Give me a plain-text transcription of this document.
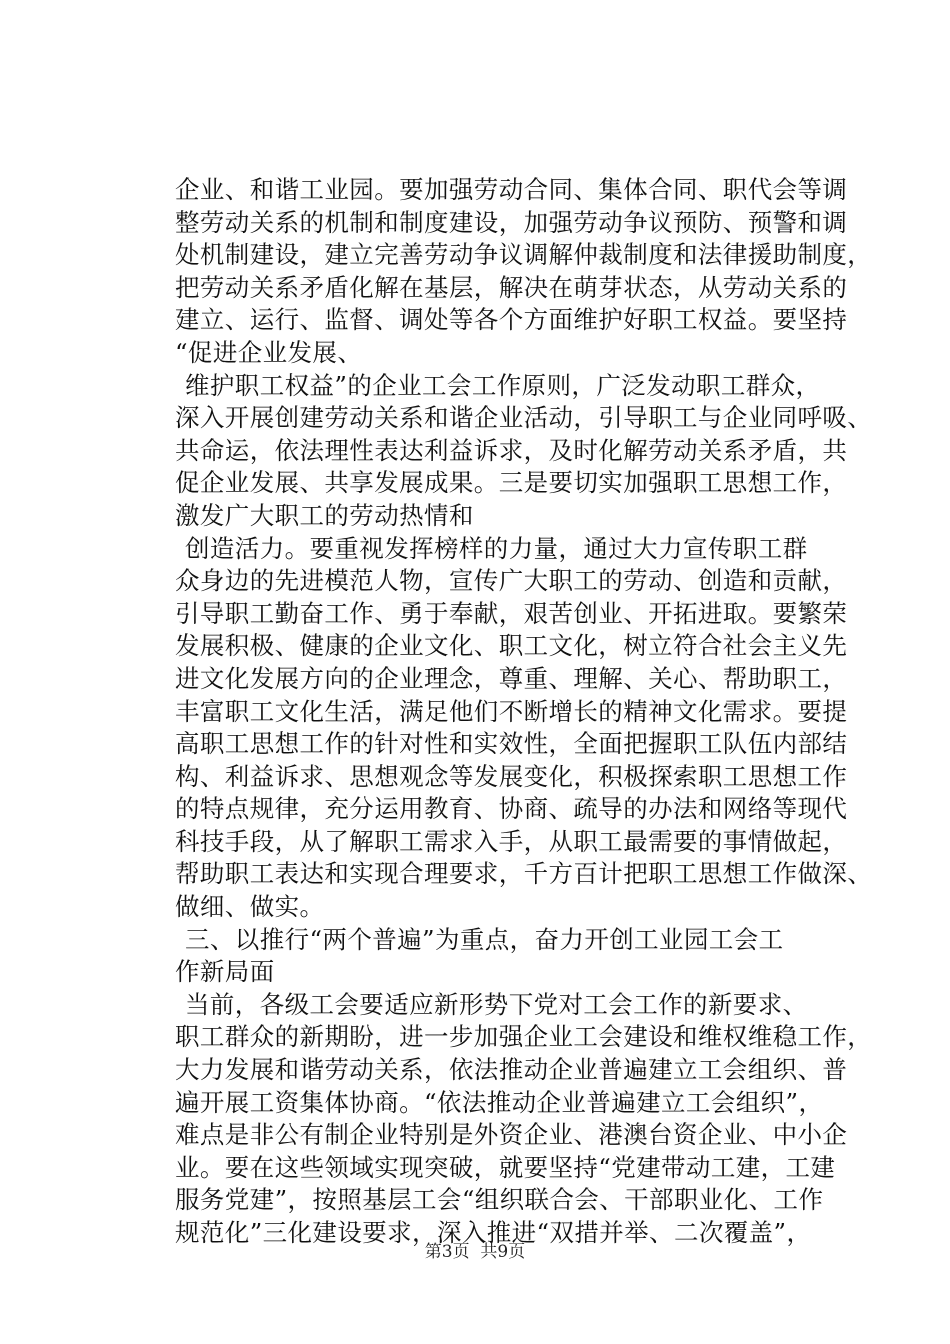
企业、和谐工业园。要加强劳动合同、集体合同、职代会等调
整劳动关系的机制和制度建设，加强劳动争议预防、预警和调
处机制建设，建立完善劳动争议调解仲裁制度和法律援助制度，
把劳动关系矛盾化解在基层，解决在萌芽状态，从劳动关系的
建立、运行、监督、调处等各个方面维护好职工权益。要坚持
“促进企业发展、
维护职工权益”的企业工会工作原则，广泛发动职工群众，
深入开展创建劳动关系和谐企业活动，引导职工与企业同呼吸、
共命运，依法理性表达利益诉求，及时化解劳动关系矛盾，共
促企业发展、共享发展成果。三是要切实加强职工思想工作，
激发广大职工的劳动热情和
创造活力。要重视发挥榜样的力量，通过大力宣传职工群
众身边的先进模范人物，宣传广大职工的劳动、创造和贡献，
引导职工勤奋工作、勇于奉献，艰苦创业、开拓进取。要繁荣
发展积极、健康的企业文化、职工文化，树立符合社会主义先
进文化发展方向的企业理念，尊重、理解、关心、帮助职工，
丰富职工文化生活，满足他们不断增长的精神文化需求。要提
高职工思想工作的针对性和实效性，全面把握职工队伍内部结
构、利益诉求、思想观念等发展变化，积极探索职工思想工作
的特点规律，充分运用教育、协商、疏导的办法和网络等现代
科技手段，从了解职工需求入手，从职工最需要的事情做起，
帮助职工表达和实现合理要求，千方百计把职工思想工作做深、
做细、做实。
三、以推行“两个普遍”为重点，奋力开创工业园工会工
作新局面
当前，各级工会要适应新形势下党对工会工作的新要求、
职工群众的新期盼，进一步加强企业工会建设和维权维稳工作，
大力发展和谐劳动关系，依法推动企业普遍建立工会组织、普
遍开展工资集体协商。“依法推动企业普遍建立工会组织”，
难点是非公有制企业特别是外资企业、港澳台资企业、中小企
业。要在这些领域实现突破，就要坚持“党建带动工建，工建
服务党建”，按照基层工会“组织联合会、干部职业化、工作
规范化”三化建设要求，深入推进“双措并举、二次覆盖”，
第3页  共9页
